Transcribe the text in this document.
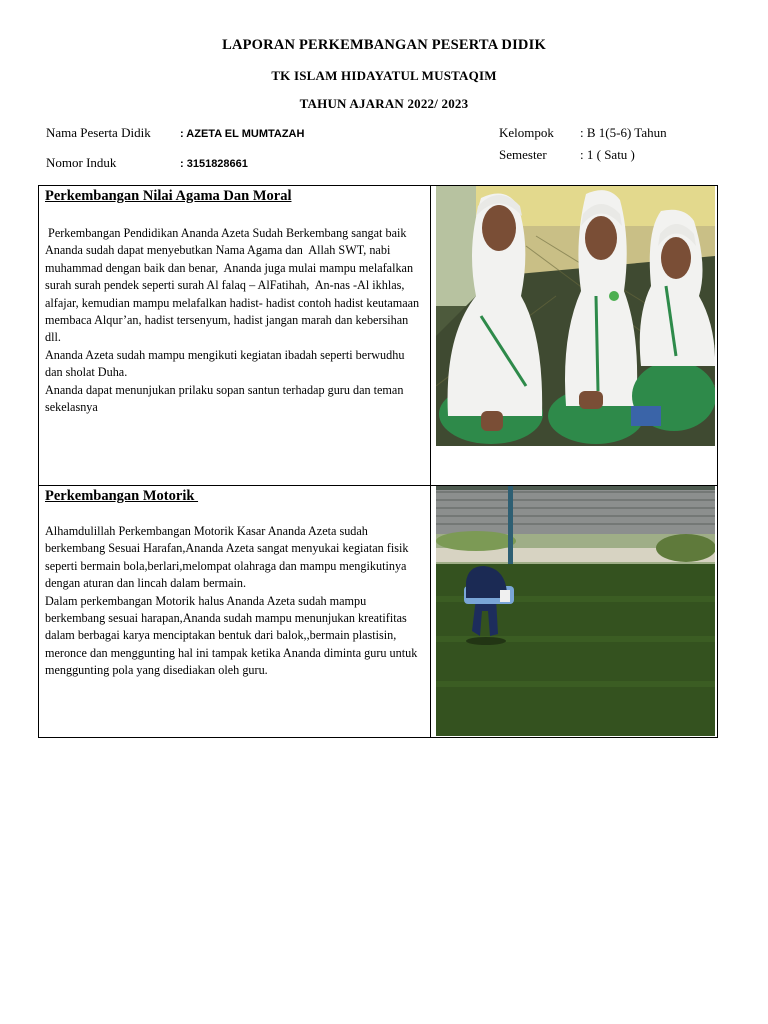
LAPORAN PERKEMBANGAN PESERTA DIDIK
TK ISLAM HIDAYATUL MUSTAQIM
TAHUN AJARAN 2022/ 2023
Nama Peserta Didik	: AZETA EL MUMTAZAH
Nomor Induk	: 3151828661
Kelompok : B 1(5-6) Tahun
Semester	: 1 ( Satu )
Perkembangan Nilai Agama Dan Moral

Perkembangan Pendidikan Ananda Azeta Sudah Berkembang sangat baik Ananda sudah dapat menyebutkan Nama Agama dan  Allah SWT, nabi muhammad dengan baik dan benar,  Ananda juga mulai mampu melafalkan surah surah pendek seperti surah Al falaq – AlFatihah,  An-nas -Al ikhlas, alfajar, kemudian mampu melafalkan hadist- hadist contoh hadist keutamaan membaca Alqur’an, hadist tersenyum, hadist jangan marah dan kebersihan dll.

Ananda Azeta sudah mampu mengikuti kegiatan ibadah seperti berwudhu dan sholat Duha.

Ananda dapat menunjukan prilaku sopan santun terhadap guru dan teman sekelasnya

Perkembangan Motorik

Alhamdulillah Perkembangan Motorik Kasar Ananda Azeta sudah berkembang Sesuai Harafan,Ananda Azeta sangat menyukai kegiatan fisik seperti bermain bola,berlari,melompat olahraga dan mampu mengikutinya dengan aturan dan lincah dalam bermain.

Dalam perkembangan Motorik halus Ananda Azeta sudah mampu berkembang sesuai harapan,Ananda sudah mampu menunjukan kreatifitas dalam berbagai karya menciptakan bentuk dari balok,,bermain plastisin, meronce dan menggunting hal ini tampak ketika Ananda diminta guru untuk menggunting pola yang disediakan oleh guru.
